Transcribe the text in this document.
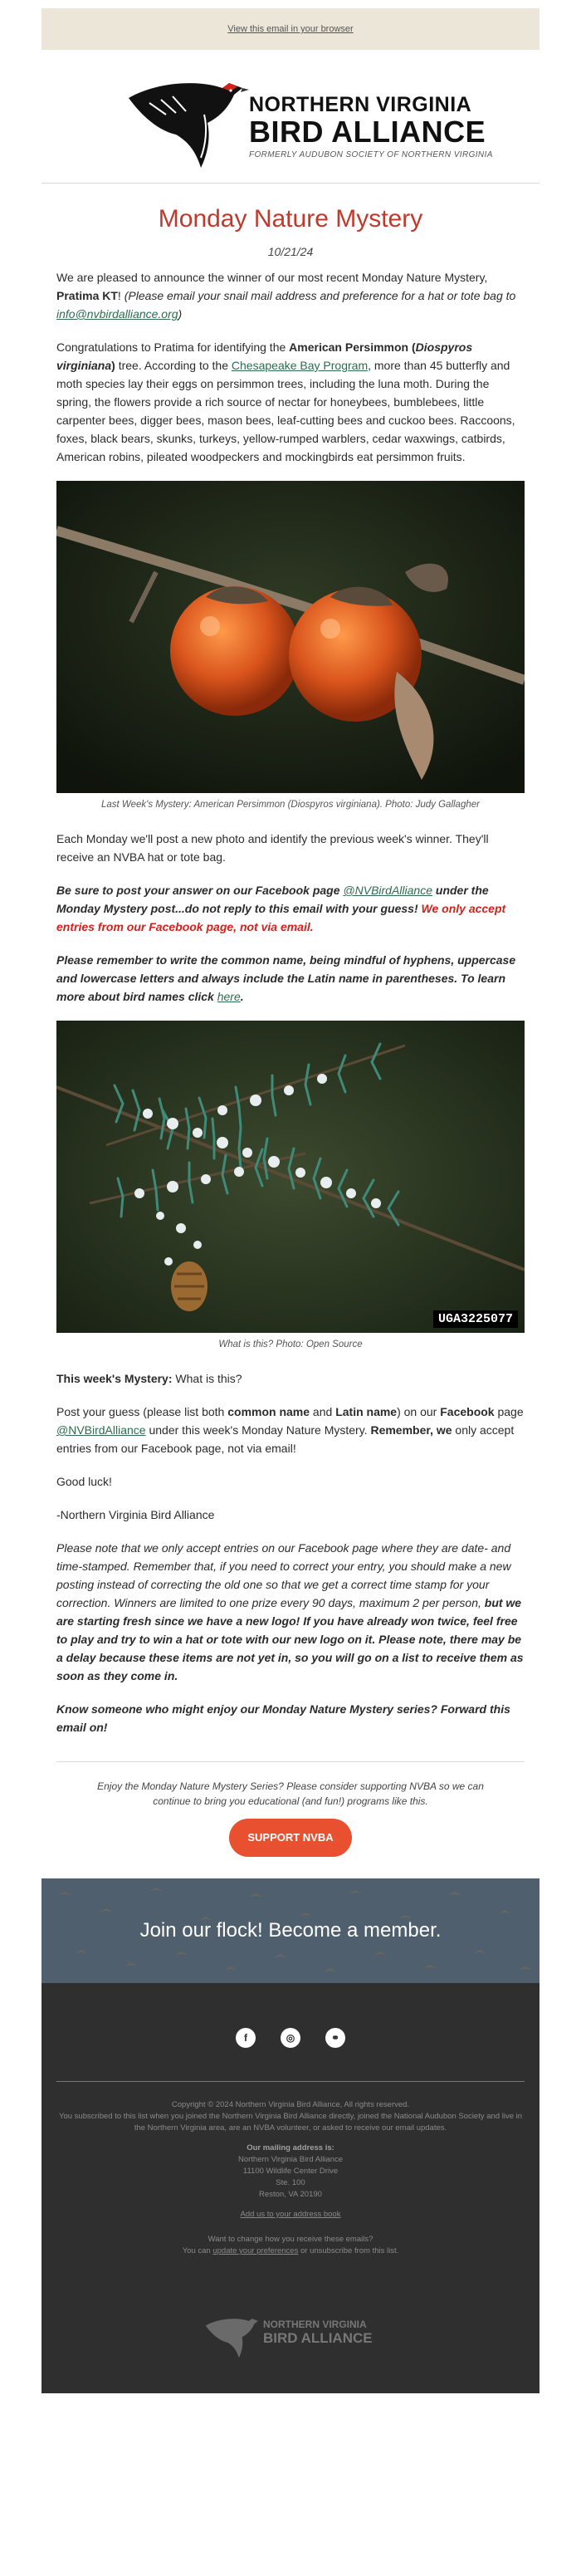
View this email in your browser
NORTHERN VIRGINIA
BIRD ALLIANCE
FORMERLY AUDUBON SOCIETY OF NORTHERN VIRGINIA
Monday Nature Mystery
10/21/24

We are pleased to announce the winner of our most recent Monday Nature Mystery, Pratima KT! (Please email your snail mail address and preference for a hat or tote bag to info@nvbirdalliance.org)

Congratulations to Pratima for identifying the American Persimmon (Diospyros virginiana) tree. According to the Chesapeake Bay Program, more than 45 butterfly and moth species lay their eggs on persimmon trees, including the luna moth. During the spring, the flowers provide a rich source of nectar for honeybees, bumblebees, little carpenter bees, digger bees, mason bees, leaf-cutting bees and cuckoo bees. Raccoons, foxes, black bears, skunks, turkeys, yellow-rumped warblers, cedar waxwings, catbirds, American robins, pileated woodpeckers and mockingbirds eat persimmon fruits.

Last Week's Mystery: American Persimmon (Diospyros virginiana). Photo: Judy Gallagher

Each Monday we'll post a new photo and identify the previous week's winner. They'll receive an NVBA hat or tote bag.

Be sure to post your answer on our Facebook page @NVBirdAlliance under the Monday Mystery post...do not reply to this email with your guess! We only accept entries from our Facebook page, not via email.

Please remember to write the common name, being mindful of hyphens, uppercase and lowercase letters and always include the Latin name in parentheses. To learn more about bird names click here.

UGA3225077
What is this? Photo: Open Source

This week's Mystery: What is this?

Post your guess (please list both common name and Latin name) on our Facebook page @NVBirdAlliance under this week's Monday Nature Mystery. Remember, we only accept entries from our Facebook page, not via email!

Good luck!

-Northern Virginia Bird Alliance

Please note that we only accept entries on our Facebook page where they are date- and time-stamped. Remember that, if you need to correct your entry, you should make a new posting instead of correcting the old one so that we get a correct time stamp for your correction. Winners are limited to one prize every 90 days, maximum 2 per person, but we are starting fresh since we have a new logo! If you have already won twice, feel free to play and try to win a hat or tote with our new logo on it. Please note, there may be a delay because these items are not yet in, so you will go on a list to receive them as soon as they come in.

Know someone who might enjoy our Monday Nature Mystery series? Forward this email on!

Enjoy the Monday Nature Mystery Series? Please consider supporting NVBA so we can continue to bring you educational (and fun!) programs like this.
SUPPORT NVBA
Join our flock! Become a member.
f	◎	⚭
Copyright © 2024 Northern Virginia Bird Alliance, All rights reserved.
You subscribed to this list when you joined the Northern Virginia Bird Alliance directly, joined the National Audubon Society and live in the Northern Virginia area, are an NVBA volunteer, or asked to receive our email updates.
Our mailing address is:
Northern Virginia Bird Alliance
11100 Wildlife Center Drive
Ste. 100
Reston, VA 20190
Add us to your address book
Want to change how you receive these emails?
You can update your preferences or unsubscribe from this list.
NORTHERN VIRGINIA
BIRD ALLIANCE
